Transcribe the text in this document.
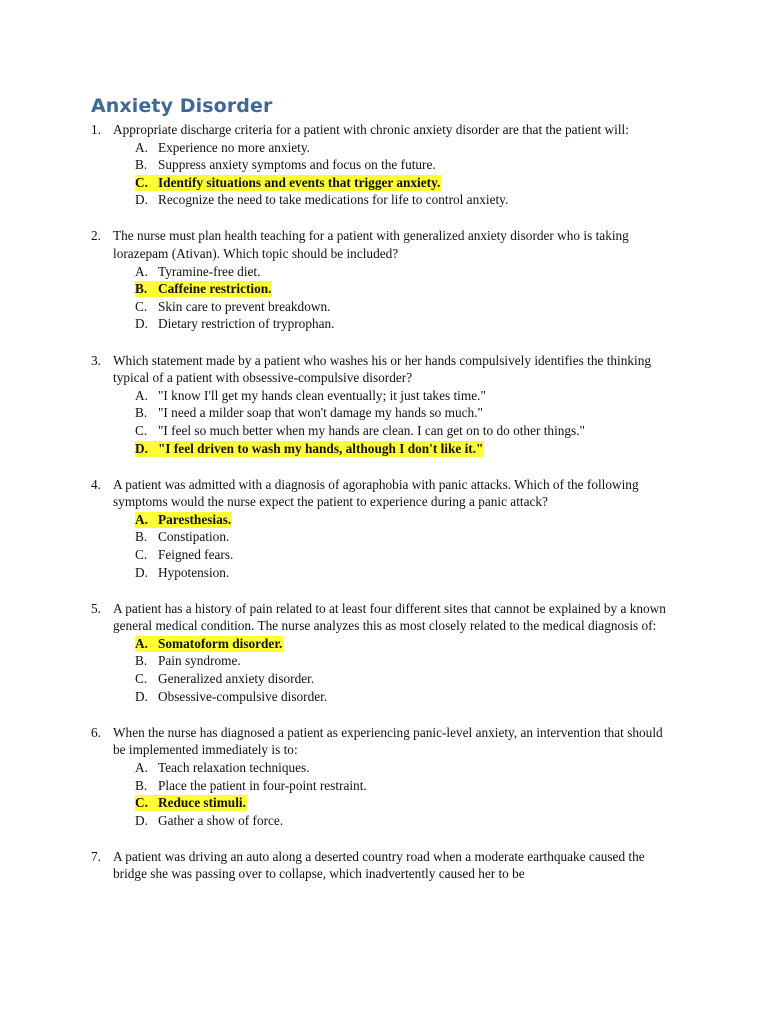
Anxiety Disorder
1. Appropriate discharge criteria for a patient with chronic anxiety disorder are that the patient will:
A. Experience no more anxiety.
B. Suppress anxiety symptoms and focus on the future.
C. Identify situations and events that trigger anxiety.
D. Recognize the need to take medications for life to control anxiety.
2. The nurse must plan health teaching for a patient with generalized anxiety disorder who is taking lorazepam (Ativan). Which topic should be included?
A. Tyramine-free diet.
B. Caffeine restriction.
C. Skin care to prevent breakdown.
D. Dietary restriction of tryprophan.
3. Which statement made by a patient who washes his or her hands compulsively identifies the thinking typical of a patient with obsessive-compulsive disorder?
A. "I know I'll get my hands clean eventually; it just takes time."
B. "I need a milder soap that won't damage my hands so much."
C. "I feel so much better when my hands are clean. I can get on to do other things."
D. "I feel driven to wash my hands, although I don't like it."
4. A patient was admitted with a diagnosis of agoraphobia with panic attacks. Which of the following symptoms would the nurse expect the patient to experience during a panic attack?
A. Paresthesias.
B. Constipation.
C. Feigned fears.
D. Hypotension.
5. A patient has a history of pain related to at least four different sites that cannot be explained by a known general medical condition. The nurse analyzes this as most closely related to the medical diagnosis of:
A. Somatoform disorder.
B. Pain syndrome.
C. Generalized anxiety disorder.
D. Obsessive-compulsive disorder.
6. When the nurse has diagnosed a patient as experiencing panic-level anxiety, an intervention that should be implemented immediately is to:
A. Teach relaxation techniques.
B. Place the patient in four-point restraint.
C. Reduce stimuli.
D. Gather a show of force.
7. A patient was driving an auto along a deserted country road when a moderate earthquake caused the bridge she was passing over to collapse, which inadvertently caused her to be
